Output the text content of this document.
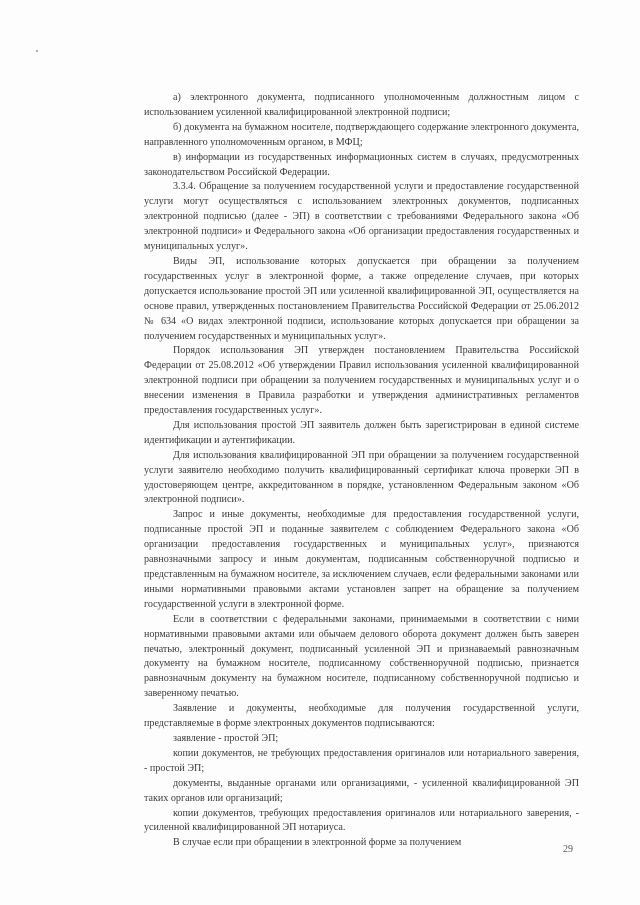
а) электронного документа, подписанного уполномоченным должностным лицом с использованием усиленной квалифицированной электронной подписи;

б) документа на бумажном носителе, подтверждающего содержание электронного документа, направленного уполномоченным органом, в МФЦ;

в) информации из государственных информационных систем в случаях, предусмотренных законодательством Российской Федерации.

3.3.4. Обращение за получением государственной услуги и предоставление государственной услуги могут осуществляться с использованием электронных документов, подписанных электронной подписью (далее - ЭП) в соответствии с требованиями Федерального закона «Об электронной подписи» и Федерального закона «Об организации предоставления государственных и муниципальных услуг».

Виды ЭП, использование которых допускается при обращении за получением государственных услуг в электронной форме, а также определение случаев, при которых допускается использование простой ЭП или усиленной квалифицированной ЭП, осуществляется на основе правил, утвержденных постановлением Правительства Российской Федерации от 25.06.2012 № 634 «О видах электронной подписи, использование которых допускается при обращении за получением государственных и муниципальных услуг».

Порядок использования ЭП утвержден постановлением Правительства Российской Федерации от 25.08.2012 «Об утверждении Правил использования усиленной квалифицированной электронной подписи при обращении за получением государственных и муниципальных услуг и о внесении изменения в Правила разработки и утверждения административных регламентов предоставления государственных услуг».

Для использования простой ЭП заявитель должен быть зарегистрирован в единой системе идентификации и аутентификации.

Для использования квалифицированной ЭП при обращении за получением государственной услуги заявителю необходимо получить квалифицированный сертификат ключа проверки ЭП в удостоверяющем центре, аккредитованном в порядке, установленном Федеральным законом «Об электронной подписи».

Запрос и иные документы, необходимые для предоставления государственной услуги, подписанные простой ЭП и поданные заявителем с соблюдением Федерального закона «Об организации предоставления государственных и муниципальных услуг», признаются равнозначными запросу и иным документам, подписанным собственноручной подписью и представленным на бумажном носителе, за исключением случаев, если федеральными законами или иными нормативными правовыми актами установлен запрет на обращение за получением государственной услуги в электронной форме.

Если в соответствии с федеральными законами, принимаемыми в соответствии с ними нормативными правовыми актами или обычаем делового оборота документ должен быть заверен печатью, электронный документ, подписанный усиленной ЭП и признаваемый равнозначным документу на бумажном носителе, подписанному собственноручной подписью, признается равнозначным документу на бумажном носителе, подписанному собственноручной подписью и заверенному печатью.

Заявление и документы, необходимые для получения государственной услуги, представляемые в форме электронных документов подписываются:

заявление - простой ЭП;

копии документов, не требующих предоставления оригиналов или нотариального заверения, - простой ЭП;

документы, выданные органами или организациями, - усиленной квалифицированной ЭП таких органов или организаций;

копии документов, требующих предоставления оригиналов или нотариального заверения, - усиленной квалифицированной ЭП нотариуса.

В случае если при обращении в электронной форме за получением

29
